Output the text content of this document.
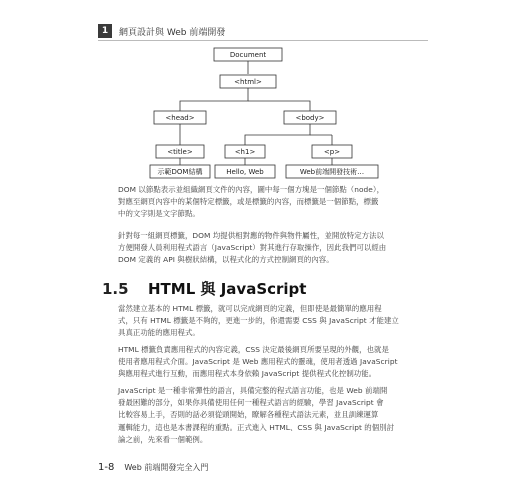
1	網頁設計與 Web 前端開發
Document
<html>
<head>	<body>
<title>	<h1>	<p>
示範DOM結構	Hello, Web	Web前端開發技術…

DOM 以節點表示並組織網頁文件的內容，圖中每一個方塊是一個節點（node），
對應至網頁內容中的某個特定標籤，或是標籤的內容，而標籤是一個節點，標籤
中的文字則是文字節點。

針對每一組網頁標籤，DOM 均提供相對應的物件與物件屬性，並開放特定方法以
方便開發人員利用程式語言（JavaScript）對其進行存取操作，因此我們可以經由
DOM 定義的 API 與樹狀結構，以程式化的方式控制網頁的內容。

1.5	HTML 與 JavaScript

當然建立基本的 HTML 標籤，就可以完成網頁的定義，但即使是最簡單的應用程
式，只有 HTML 標籤是不夠的，更進一步的，你還需要 CSS 與 JavaScript 才能建立
具真正功能的應用程式。

HTML 標籤負責應用程式的內容定義，CSS 決定最後網頁所要呈現的外觀，也就是
使用者應用程式介面。JavaScript 是 Web 應用程式的靈魂，使用者透過 JavaScript
與應用程式進行互動，而應用程式本身依賴 JavaScript 提供程式化控制功能。

JavaScript 是一種非常彈性的語言，具備完整的程式語言功能，也是 Web 前端開
發最困難的部分，如果你具備使用任何一種程式語言的經驗，學習 JavaScript 會
比較容易上手，否則的話必須從頭開始，瞭解各種程式語法元素，並且訓練運算
邏輯能力，這也是本書課程的重點。正式進入 HTML、CSS 與 JavaScript 的個別討
論之前，先來看一個範例。

1-8 Web 前端開發完全入門
